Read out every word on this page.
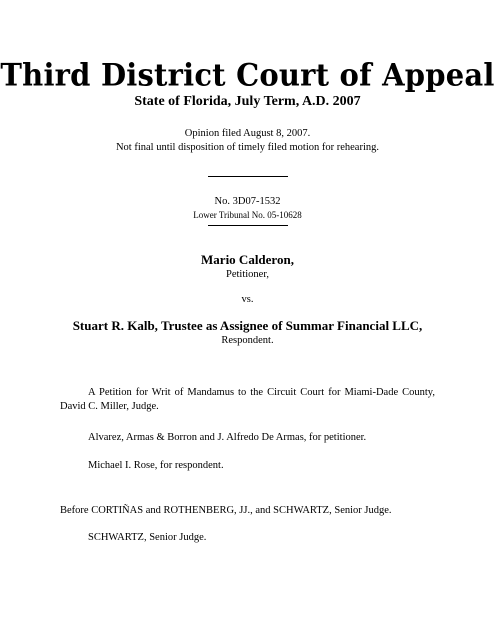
Third District Court of Appeal
State of Florida, July Term, A.D. 2007
Opinion filed August 8, 2007.
Not final until disposition of timely filed motion for rehearing.
No. 3D07-1532
Lower Tribunal No. 05-10628
Mario Calderon,
Petitioner,
vs.
Stuart R. Kalb, Trustee as Assignee of Summar Financial LLC,
Respondent.
A Petition for Writ of Mandamus to the Circuit Court for Miami-Dade County, David C. Miller, Judge.
Alvarez, Armas & Borron and J. Alfredo De Armas, for petitioner.
Michael I. Rose, for respondent.
Before CORTIÑAS and ROTHENBERG, JJ., and SCHWARTZ, Senior Judge.
SCHWARTZ, Senior Judge.
